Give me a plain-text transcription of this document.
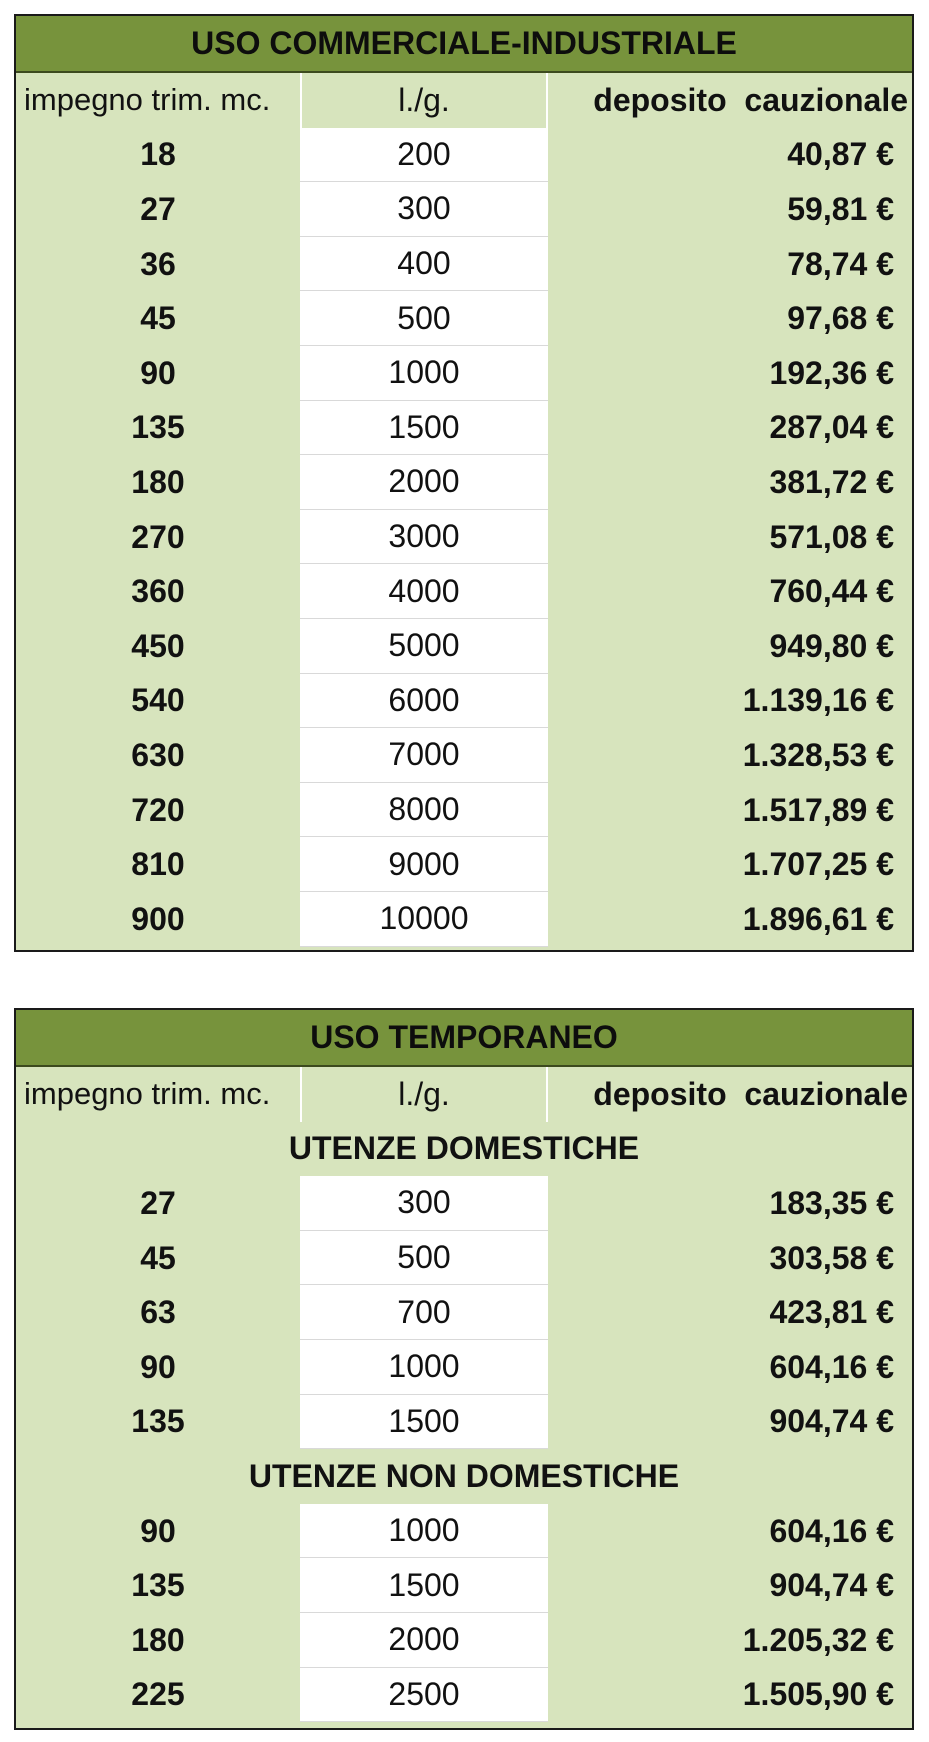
USO COMMERCIALE-INDUSTRIALE
impegno trim. mc.	l./g.	deposito  cauzionale
18	200	40,87 €
27	300	59,81 €
36	400	78,74 €
45	500	97,68 €
90	1000	192,36 €
135	1500	287,04 €
180	2000	381,72 €
270	3000	571,08 €
360	4000	760,44 €
450	5000	949,80 €
540	6000	1.139,16 €
630	7000	1.328,53 €
720	8000	1.517,89 €
810	9000	1.707,25 €
900	10000	1.896,61 €
USO TEMPORANEO
impegno trim. mc.	l./g.	deposito  cauzionale
UTENZE DOMESTICHE
27	300	183,35 €
45	500	303,58 €
63	700	423,81 €
90	1000	604,16 €
135	1500	904,74 €
UTENZE NON DOMESTICHE
90	1000	604,16 €
135	1500	904,74 €
180	2000	1.205,32 €
225	2500	1.505,90 €
